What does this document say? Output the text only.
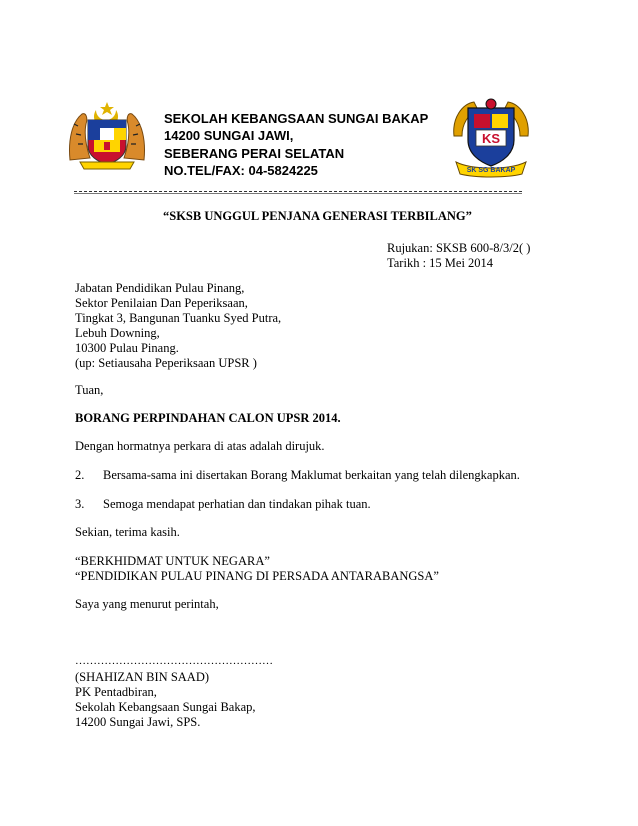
SEKOLAH KEBANGSAAN SUNGAI BAKAP
14200 SUNGAI JAWI,
SEBERANG PERAI SELATAN
NO.TEL/FAX: 04-5824225
KS
SK SG BAKAP
“SKSB UNGGUL PENJANA GENERASI TERBILANG”
Rujukan: SKSB 600-8/3/2( )
Tarikh : 15 Mei 2014
Jabatan Pendidikan Pulau Pinang,
Sektor Penilaian Dan Peperiksaan,
Tingkat 3, Bangunan Tuanku Syed Putra,
Lebuh Downing,
10300 Pulau Pinang.
(up: Setiausaha Peperiksaan UPSR )
Tuan,
BORANG PERPINDAHAN CALON UPSR 2014.
Dengan hormatnya perkara di atas adalah dirujuk.
2. Bersama-sama ini disertakan Borang Maklumat berkaitan yang telah dilengkapkan.
3. Semoga mendapat perhatian dan tindakan pihak tuan.
Sekian, terima kasih.
“BERKHIDMAT UNTUK NEGARA”
“PENDIDIKAN PULAU PINANG DI PERSADA ANTARABANGSA”
Saya yang menurut perintah,
………………………………………………
(SHAHIZAN BIN SAAD)
PK Pentadbiran,
Sekolah Kebangsaan Sungai Bakap,
14200 Sungai Jawi, SPS.
